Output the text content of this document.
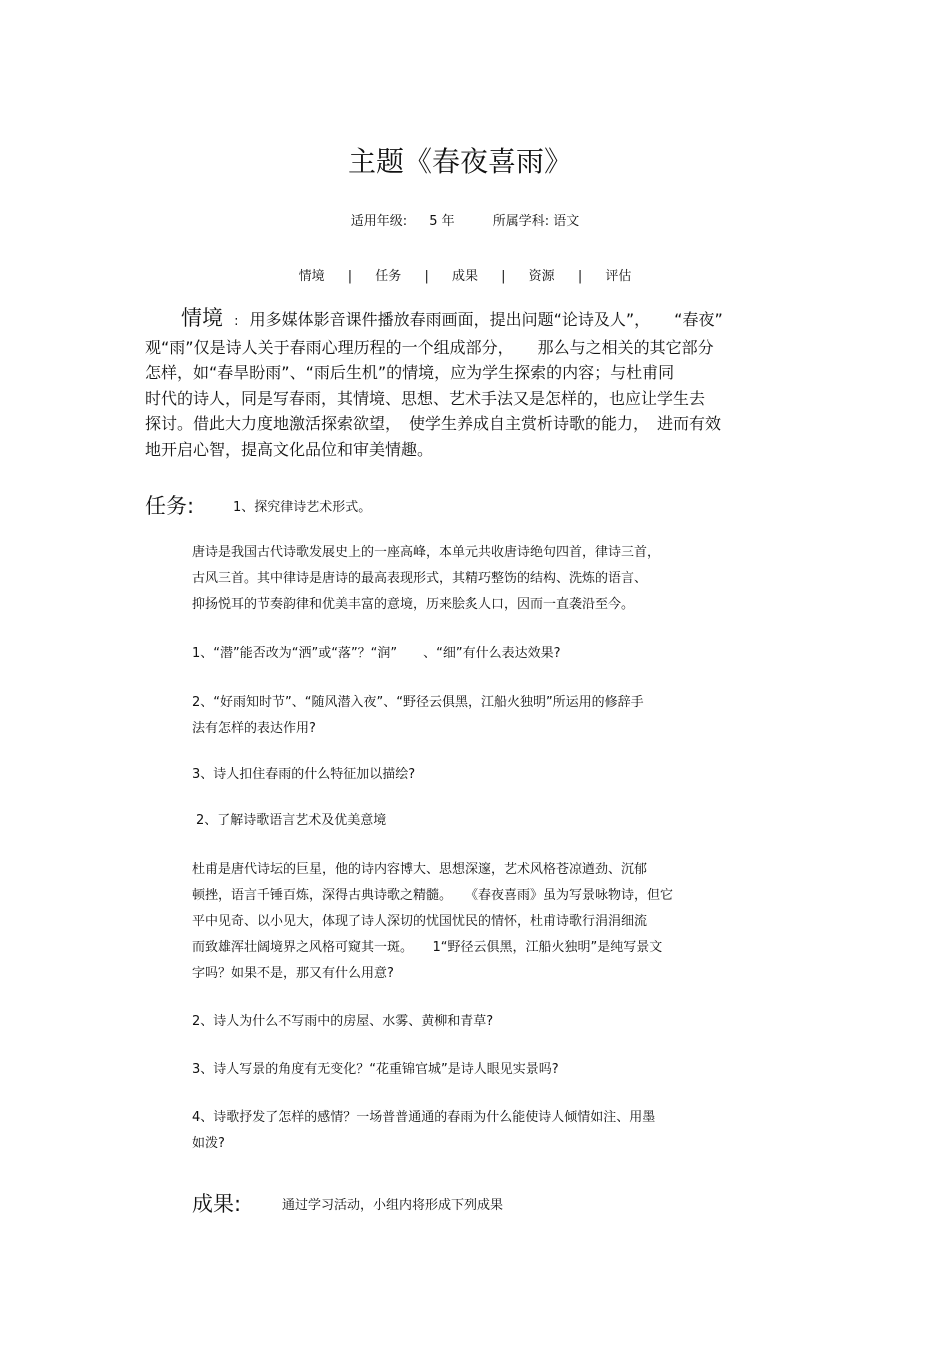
主题《春夜喜雨》
适用年级: 5 年	所属学科: 语文
情境 | 任务 | 成果 | 资源 | 评估
情境 : 用多媒体影音课件播放春雨画面，提出问题“论诗及人”，　　“春夜”
观“雨”仅是诗人关于春雨心理历程的一个组成部分，　　那么与之相关的其它部分
怎样，如“春旱盼雨”、“雨后生机”的情境，应为学生探索的内容；与杜甫同
时代的诗人，同是写春雨，其情境、思想、艺术手法又是怎样的，也应让学生去
探讨。借此大力度地激活探索欲望，　使学生养成自主赏析诗歌的能力，　进而有效
地开启心智，提高文化品位和审美情趣。
任务:	1、探究律诗艺术形式。
唐诗是我国古代诗歌发展史上的一座高峰，本单元共收唐诗绝句四首，律诗三首，
古风三首。其中律诗是唐诗的最高表现形式，其精巧整饬的结构、洗炼的语言、
抑扬悦耳的节奏韵律和优美丰富的意境，历来脍炙人口，因而一直袭沿至今。
1、“潜”能否改为“洒”或“落”？“润”　　、“细”有什么表达效果?
2、“好雨知时节”、“随风潜入夜”、“野径云俱黑，江船火独明”所运用的修辞手
法有怎样的表达作用?
3、诗人扣住春雨的什么特征加以描绘?
2、了解诗歌语言艺术及优美意境
杜甫是唐代诗坛的巨星，他的诗内容博大、思想深邃，艺术风格苍凉遒劲、沉郁
顿挫，语言千锤百炼，深得古典诗歌之精髓。　　《春夜喜雨》虽为写景咏物诗，但它
平中见奇、以小见大，体现了诗人深切的忧国忧民的情怀，杜甫诗歌行涓涓细流
而致雄浑壮阔境界之风格可窥其一斑。　　1“野径云俱黑，江船火独明”是纯写景文
字吗？如果不是，那又有什么用意?
2、诗人为什么不写雨中的房屋、水雾、黄柳和青草?
3、诗人写景的角度有无变化？“花重锦官城”是诗人眼见实景吗?
4、诗歌抒发了怎样的感情？一场普普通通的春雨为什么能使诗人倾情如注、用墨
如泼?
成果:	通过学习活动，小组内将形成下列成果
